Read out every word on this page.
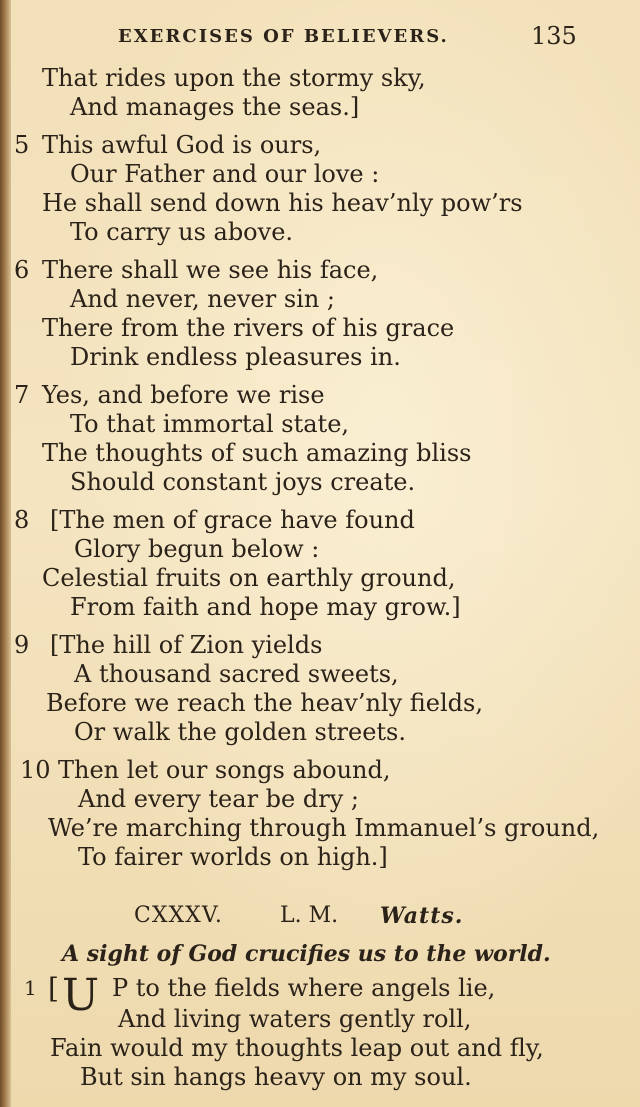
EXERCISES OF BELIEVERS.	135
That rides upon the stormy sky,
And manages the seas.]
5 This awful God is ours,
Our Father and our love :
He shall send down his heav’nly pow’rs
To carry us above.
6 There shall we see his face,
And never, never sin ;
There from the rivers of his grace
Drink endless pleasures in.
7 Yes, and before we rise
To that immortal state,
The thoughts of such amazing bliss
Should constant joys create.
8 [The men of grace have found
Glory begun below :
Celestial fruits on earthly ground,
From faith and hope may grow.]
9 [The hill of Zion yields
A thousand sacred sweets,
Before we reach the heav’nly fields,
Or walk the golden streets.
10 Then let our songs abound,
And every tear be dry ;
We’re marching through Immanuel’s ground,
To fairer worlds on high.]
CXXXV.	L. M. Watts.
A sight of God crucifies us to the world.
1 [ U P to the fields where angels lie,
And living waters gently roll,
Fain would my thoughts leap out and fly,
But sin hangs heavy on my soul.
